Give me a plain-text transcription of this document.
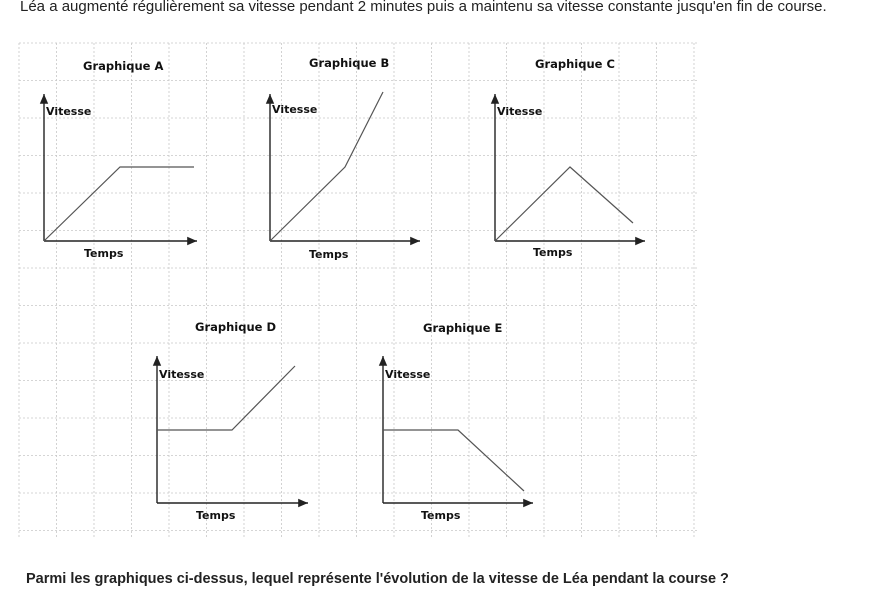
Léa a augmenté régulièrement sa vitesse pendant 2 minutes puis a maintenu sa vitesse constante jusqu'en fin de course.
Graphique A
Vitesse
Temps
Graphique B
Vitesse
Temps
Graphique C
Vitesse
Temps
Graphique D
Vitesse
Temps
Graphique E
Vitesse
Temps
Parmi les graphiques ci-dessus, lequel représente l'évolution de la vitesse de Léa pendant la course ?
